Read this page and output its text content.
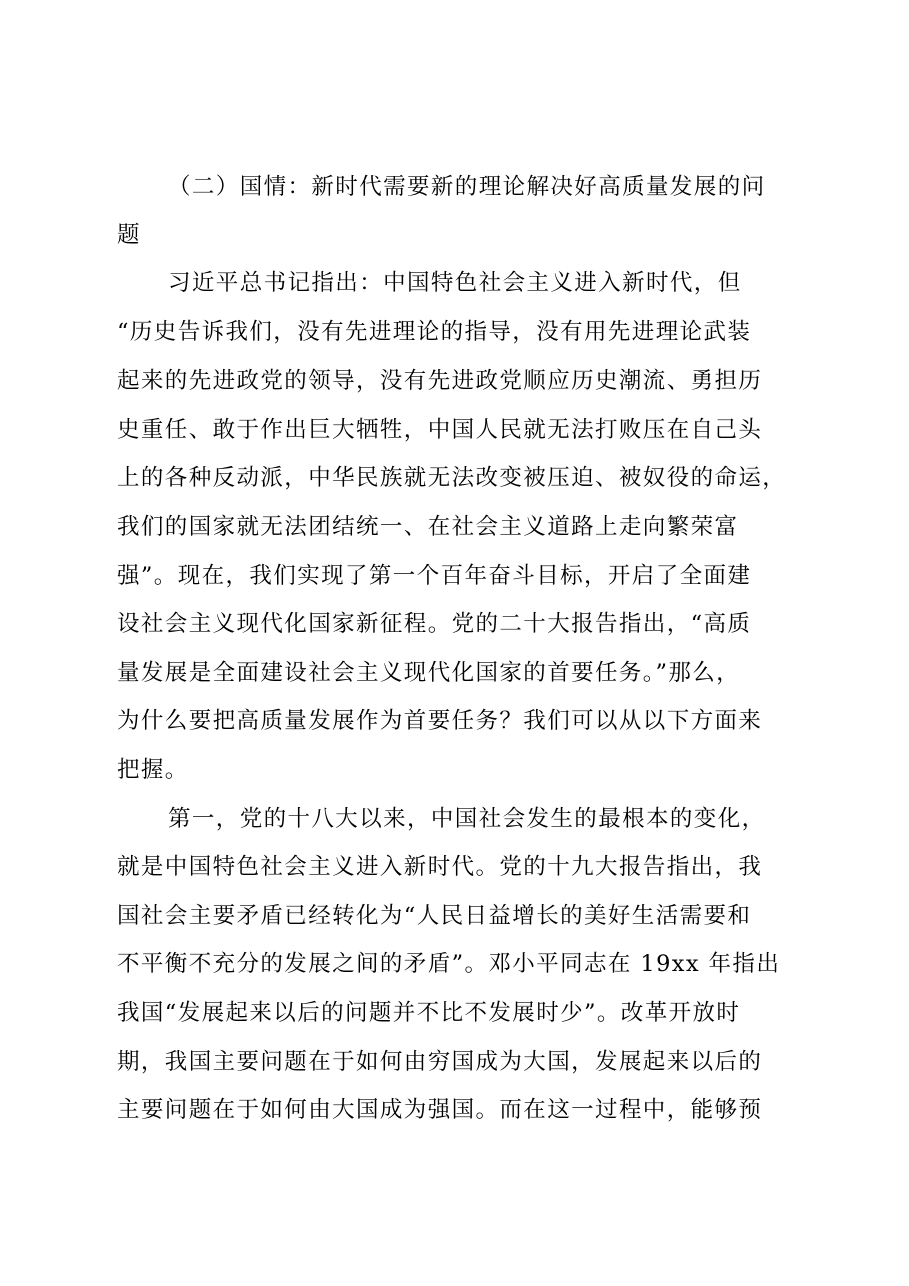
（二）国情：新时代需要新的理论解决好高质量发展的问
题
习近平总书记指出：中国特色社会主义进入新时代，但
“历史告诉我们，没有先进理论的指导，没有用先进理论武装
起来的先进政党的领导，没有先进政党顺应历史潮流、勇担历
史重任、敢于作出巨大牺牲，中国人民就无法打败压在自己头
上的各种反动派，中华民族就无法改变被压迫、被奴役的命运，
我们的国家就无法团结统一、在社会主义道路上走向繁荣富
强”。现在，我们实现了第一个百年奋斗目标，开启了全面建
设社会主义现代化国家新征程。党的二十大报告指出，“高质
量发展是全面建设社会主义现代化国家的首要任务。”那么，
为什么要把高质量发展作为首要任务？我们可以从以下方面来
把握。
第一，党的十八大以来，中国社会发生的最根本的变化，
就是中国特色社会主义进入新时代。党的十九大报告指出，我
国社会主要矛盾已经转化为“人民日益增长的美好生活需要和
不平衡不充分的发展之间的矛盾”。邓小平同志在 19xx 年指出
我国“发展起来以后的问题并不比不发展时少”。改革开放时
期，我国主要问题在于如何由穷国成为大国，发展起来以后的
主要问题在于如何由大国成为强国。而在这一过程中，能够预
